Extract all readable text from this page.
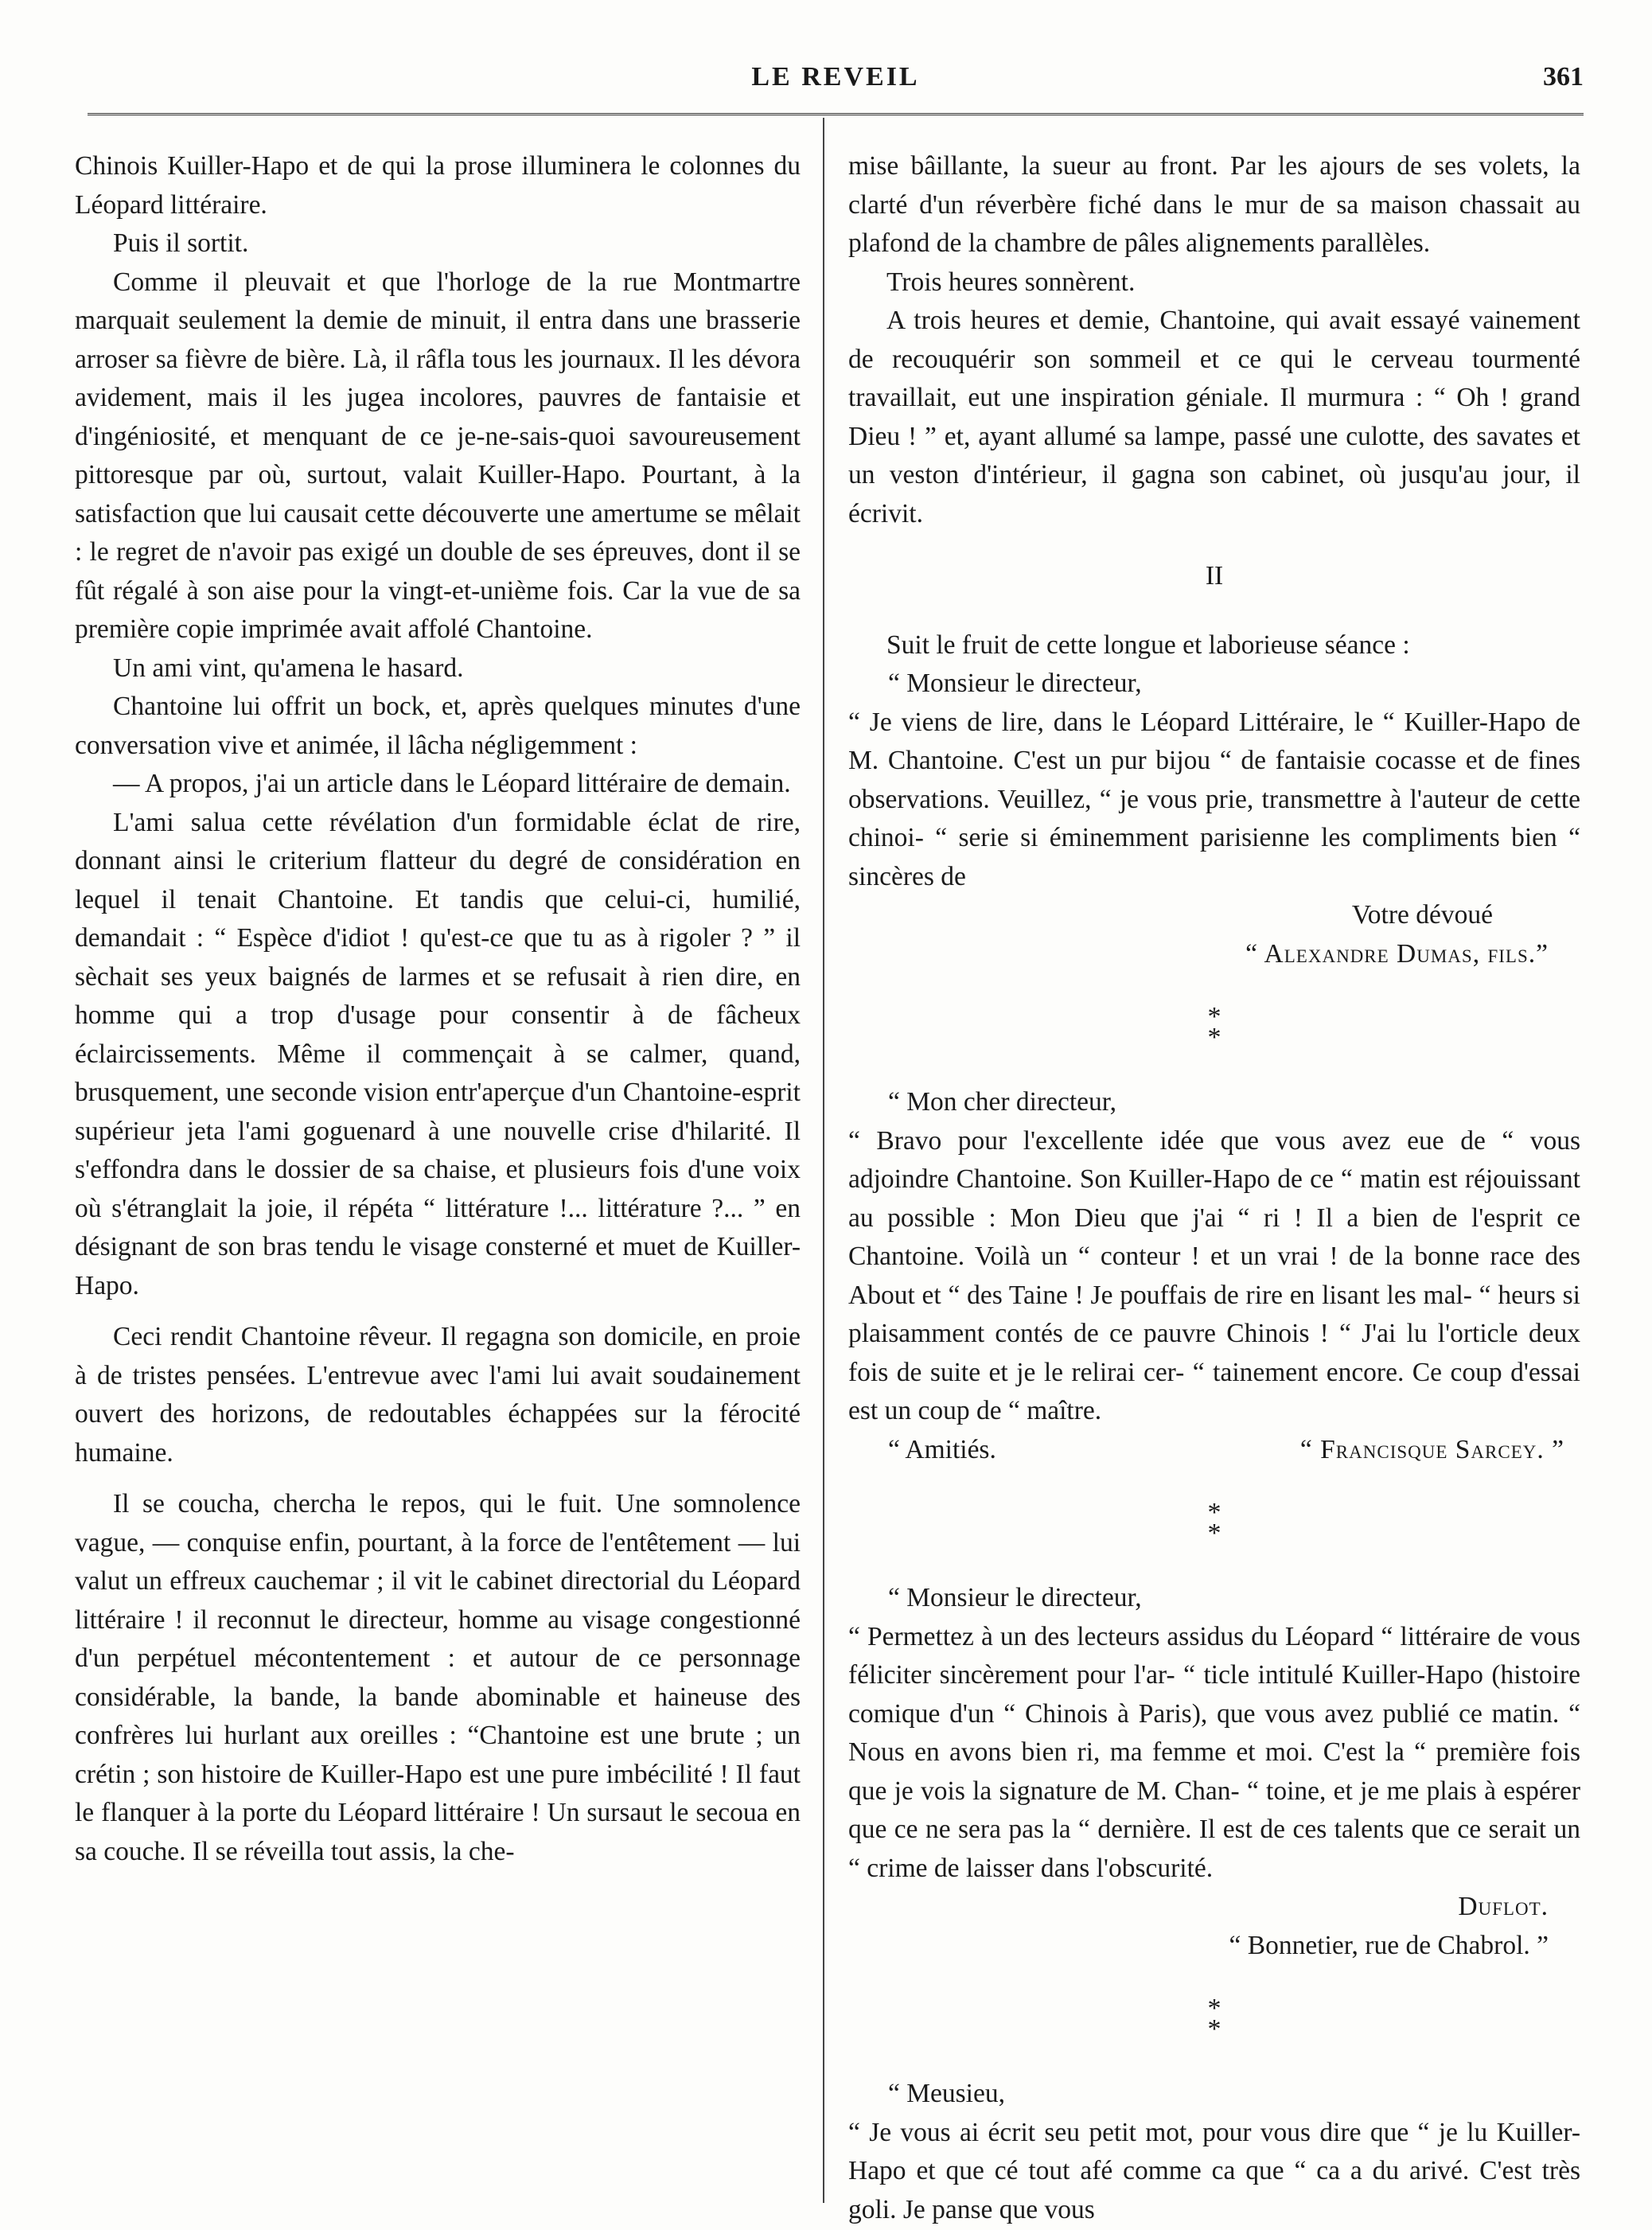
LE REVEIL	361

Chinois Kuiller-Hapo et de qui la prose illuminera le colonnes du Léopard littéraire.

Puis il sortit.

Comme il pleuvait et que l'horloge de la rue Montmartre marquait seulement la demie de minuit, il entra dans une brasserie arroser sa fièvre de bière. Là, il râfla tous les journaux. Il les dévora avidement, mais il les jugea incolores, pauvres de fantaisie et d'ingéniosité, et menquant de ce je-ne-sais-quoi savoureusement pittoresque par où, surtout, valait Kuiller-Hapo. Pourtant, à la satisfaction que lui causait cette découverte une amertume se mêlait : le regret de n'avoir pas exigé un double de ses épreuves, dont il se fût régalé à son aise pour la vingt-et-unième fois. Car la vue de sa première copie imprimée avait affolé Chantoine.

Un ami vint, qu'amena le hasard.

Chantoine lui offrit un bock, et, après quelques minutes d'une conversation vive et animée, il lâcha négligemment :

— A propos, j'ai un article dans le Léopard littéraire de demain.

L'ami salua cette révélation d'un formidable éclat de rire, donnant ainsi le criterium flatteur du degré de considération en lequel il tenait Chantoine. Et tandis que celui-ci, humilié, demandait : “ Espèce d'idiot ! qu'est-ce que tu as à rigoler ? ” il sèchait ses yeux baignés de larmes et se refusait à rien dire, en homme qui a trop d'usage pour consentir à de fâcheux éclaircissements. Même il commençait à se calmer, quand, brusquement, une seconde vision entr'aperçue d'un Chantoine-esprit supérieur jeta l'ami goguenard à une nouvelle crise d'hilarité. Il s'effondra dans le dossier de sa chaise, et plusieurs fois d'une voix où s'étranglait la joie, il répéta “ littérature !... littérature ?... ” en désignant de son bras tendu le visage consterné et muet de Kuiller-Hapo.

Ceci rendit Chantoine rêveur. Il regagna son domicile, en proie à de tristes pensées. L'entrevue avec l'ami lui avait soudainement ouvert des horizons, de redoutables échappées sur la férocité humaine.

Il se coucha, chercha le repos, qui le fuit. Une somnolence vague, — conquise enfin, pourtant, à la force de l'entêtement — lui valut un effreux cauchemar ; il vit le cabinet directorial du Léopard littéraire ! il reconnut le directeur, homme au visage congestionné d'un perpétuel mécontentement : et autour de ce personnage considérable, la bande, la bande abominable et haineuse des confrères lui hurlant aux oreilles : “Chantoine est une brute ; un crétin ; son histoire de Kuiller-Hapo est une pure imbécilité ! Il faut le flanquer à la porte du Léopard littéraire ! Un sursaut le secoua en sa couche. Il se réveilla tout assis, la che-

mise bâillante, la sueur au front. Par les ajours de ses volets, la clarté d'un réverbère fiché dans le mur de sa maison chassait au plafond de la chambre de pâles alignements parallèles.

Trois heures sonnèrent.

A trois heures et demie, Chantoine, qui avait essayé vainement de recouquérir son sommeil et ce qui le cerveau tourmenté travaillait, eut une inspiration géniale. Il murmura : “ Oh ! grand Dieu ! ” et, ayant allumé sa lampe, passé une culotte, des savates et un veston d'intérieur, il gagna son cabinet, où jusqu'au jour, il écrivit.

II

Suit le fruit de cette longue et laborieuse séance :

“ Monsieur le directeur,

“ Je viens de lire, dans le Léopard Littéraire, le “ Kuiller-Hapo de M. Chantoine. C'est un pur bijou “ de fantaisie cocasse et de fines observations. Veuillez, “ je vous prie, transmettre à l'auteur de cette chinoi- “ serie si éminemment parisienne les compliments bien “ sincères de

Votre dévoué

“ Alexandre Dumas, fils.”

*
*

“ Mon cher directeur,

“ Bravo pour l'excellente idée que vous avez eue de “ vous adjoindre Chantoine. Son Kuiller-Hapo de ce “ matin est réjouissant au possible : Mon Dieu que j'ai “ ri ! Il a bien de l'esprit ce Chantoine. Voilà un “ conteur ! et un vrai ! de la bonne race des About et “ des Taine ! Je pouffais de rire en lisant les mal- “ heurs si plaisamment contés de ce pauvre Chinois ! “ J'ai lu l'orticle deux fois de suite et je le relirai cer- “ tainement encore. Ce coup d'essai est un coup de “ maître.

“ Amitiés.	“ Francisque Sarcey. ”
*
*

“ Monsieur le directeur,

“ Permettez à un des lecteurs assidus du Léopard “ littéraire de vous féliciter sincèrement pour l'ar- “ ticle intitulé Kuiller-Hapo (histoire comique d'un “ Chinois à Paris), que vous avez publié ce matin. “ Nous en avons bien ri, ma femme et moi. C'est la “ première fois que je vois la signature de M. Chan- “ toine, et je me plais à espérer que ce ne sera pas la “ dernière. Il est de ces talents que ce serait un “ crime de laisser dans l'obscurité.

Duflot.

“ Bonnetier, rue de Chabrol. ”

*
*

“ Meusieu,

“ Je vous ai écrit seu petit mot, pour vous dire que “ je lu Kuiller-Hapo et que cé tout afé comme ca que “ ca a du arivé. C'est très goli. Je panse que vous
